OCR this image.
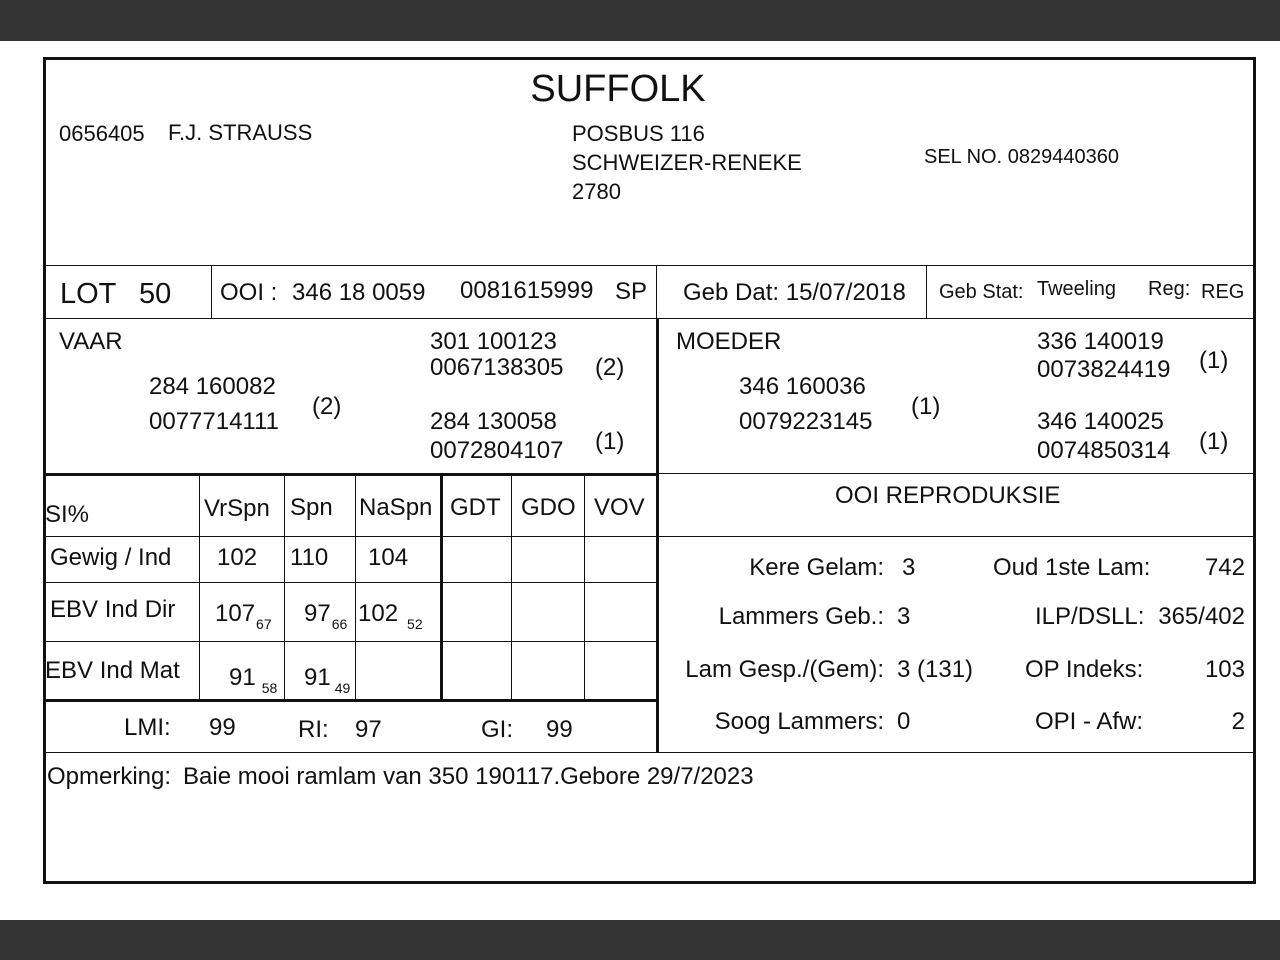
SUFFOLK
0656405 F.J. STRAUSS	POSBUS 116
SCHWEIZER-RENEKE
2780
SEL NO. 0829440360
LOT 50 OOI : 346 18 0059 0081615999 SP Geb Dat: 15/07/2018 Geb Stat: Tweeling Reg: REG
VAAR
284 160082
0077714111
(2)
301 100123
0067138305 (2)
284 130058
0072804107 (1)
MOEDER
346 160036
0079223145
(1)
336 140019
0073824419 (1)
346 140025
0074850314 (1)
SI%	VrSpn Spn NaSpn GDT GDO VOV
Gewig / Ind 102 110 104
EBV Ind Dir $107_{67}$ $97_{66}$ 102 $_{52}$
EBV Ind Mat 91 $_{58}$ 91 $_{49}$
LMI: 99	RI: 97	GI: 99
OOI REPRODUKSIE
Kere Gelam: 3	Oud 1ste Lam: 742
Lammers Geb.: 3	ILP/DSLL: 365/402
Lam Gesp./(Gem): 3 (131) OP Indeks:	103
Soog Lammers: 0	OPI - Afw:	2
Opmerking: Baie mooi ramlam van 350 190117.Gebore 29/7/2023
